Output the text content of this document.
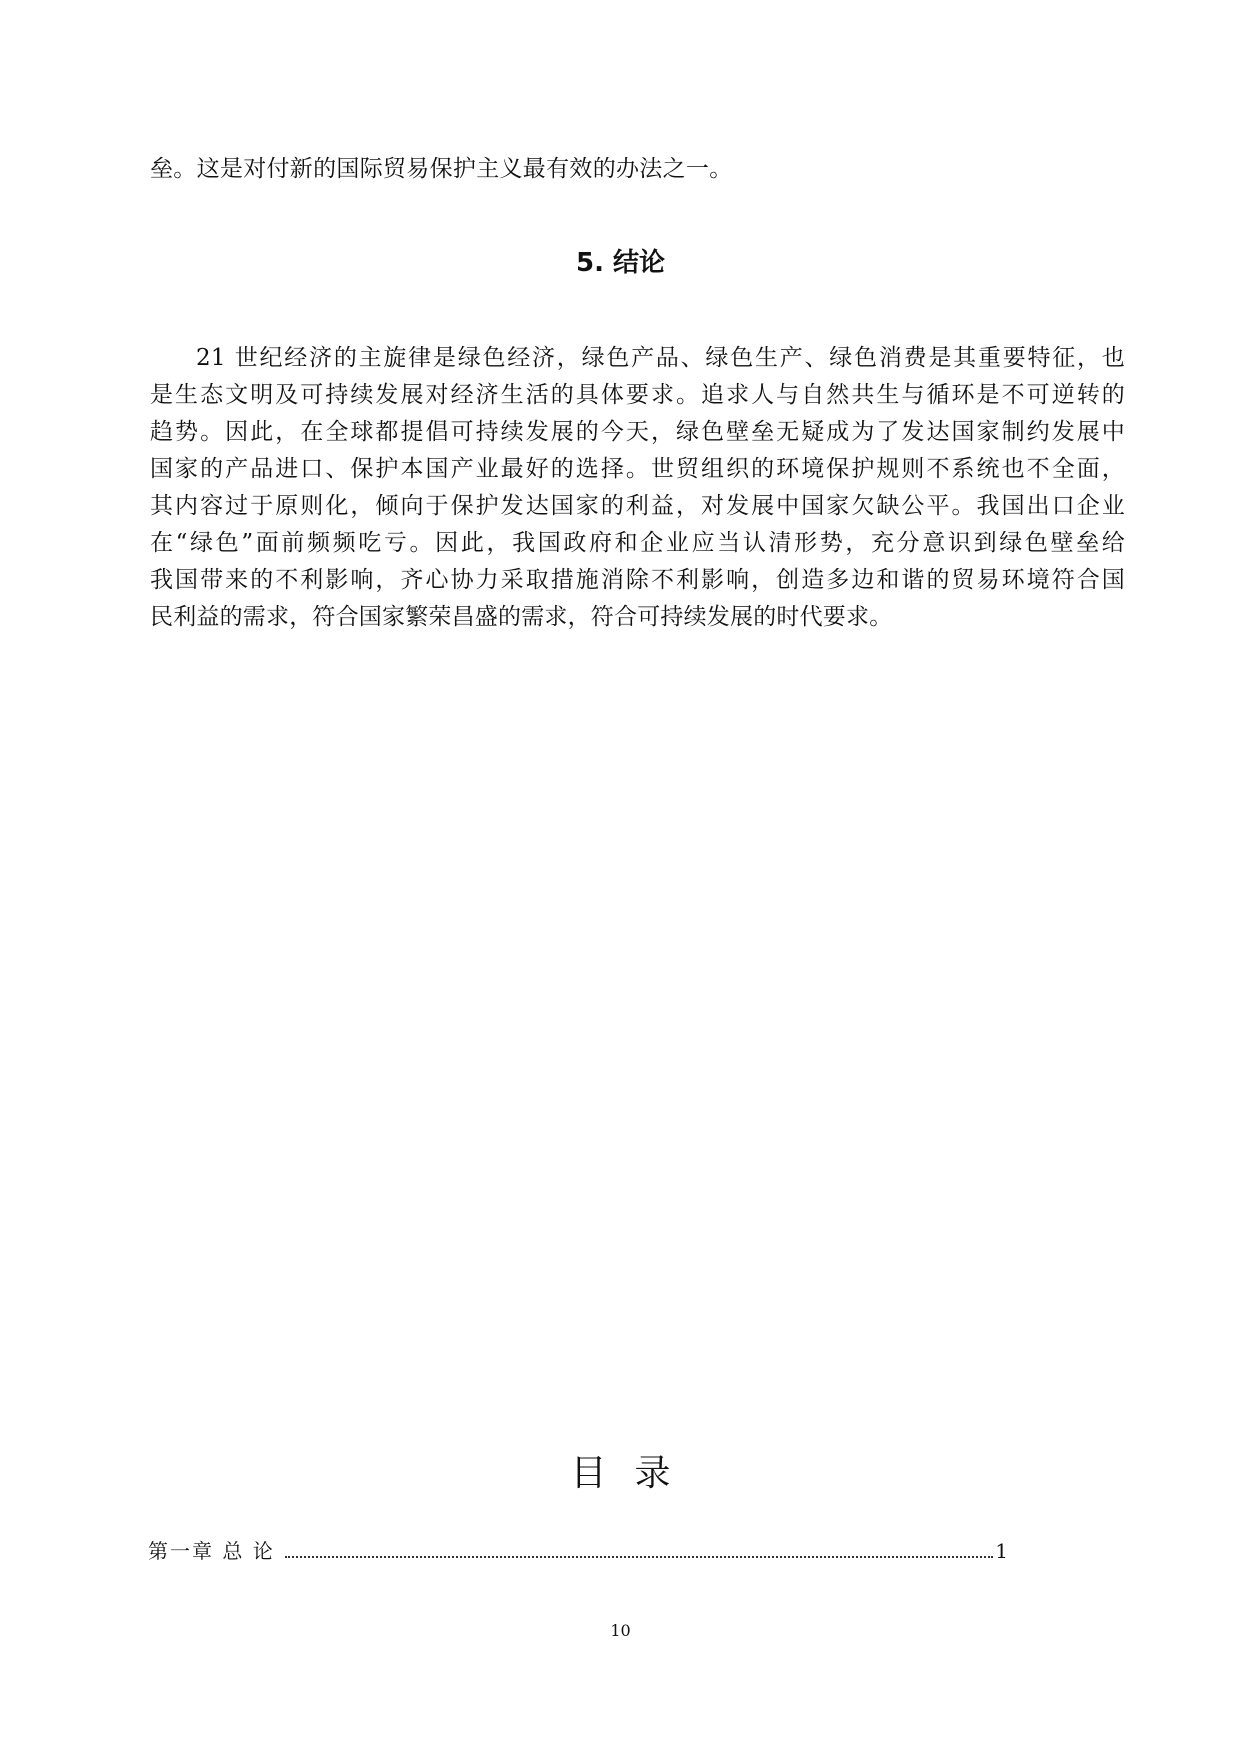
垒。这是对付新的国际贸易保护主义最有效的办法之一。
5. 结论
21 世纪经济的主旋律是绿色经济，绿色产品、绿色生产、绿色消费是其重要特征，也
是生态文明及可持续发展对经济生活的具体要求。追求人与自然共生与循环是不可逆转的
趋势。因此，在全球都提倡可持续发展的今天，绿色壁垒无疑成为了发达国家制约发展中
国家的产品进口、保护本国产业最好的选择。世贸组织的环境保护规则不系统也不全面，
其内容过于原则化，倾向于保护发达国家的利益，对发展中国家欠缺公平。我国出口企业
在“绿色”面前频频吃亏。因此，我国政府和企业应当认清形势，充分意识到绿色壁垒给
我国带来的不利影响，齐心协力采取措施消除不利影响，创造多边和谐的贸易环境符合国
民利益的需求，符合国家繁荣昌盛的需求，符合可持续发展的时代要求。
目录
第一章 总 论	1
10
